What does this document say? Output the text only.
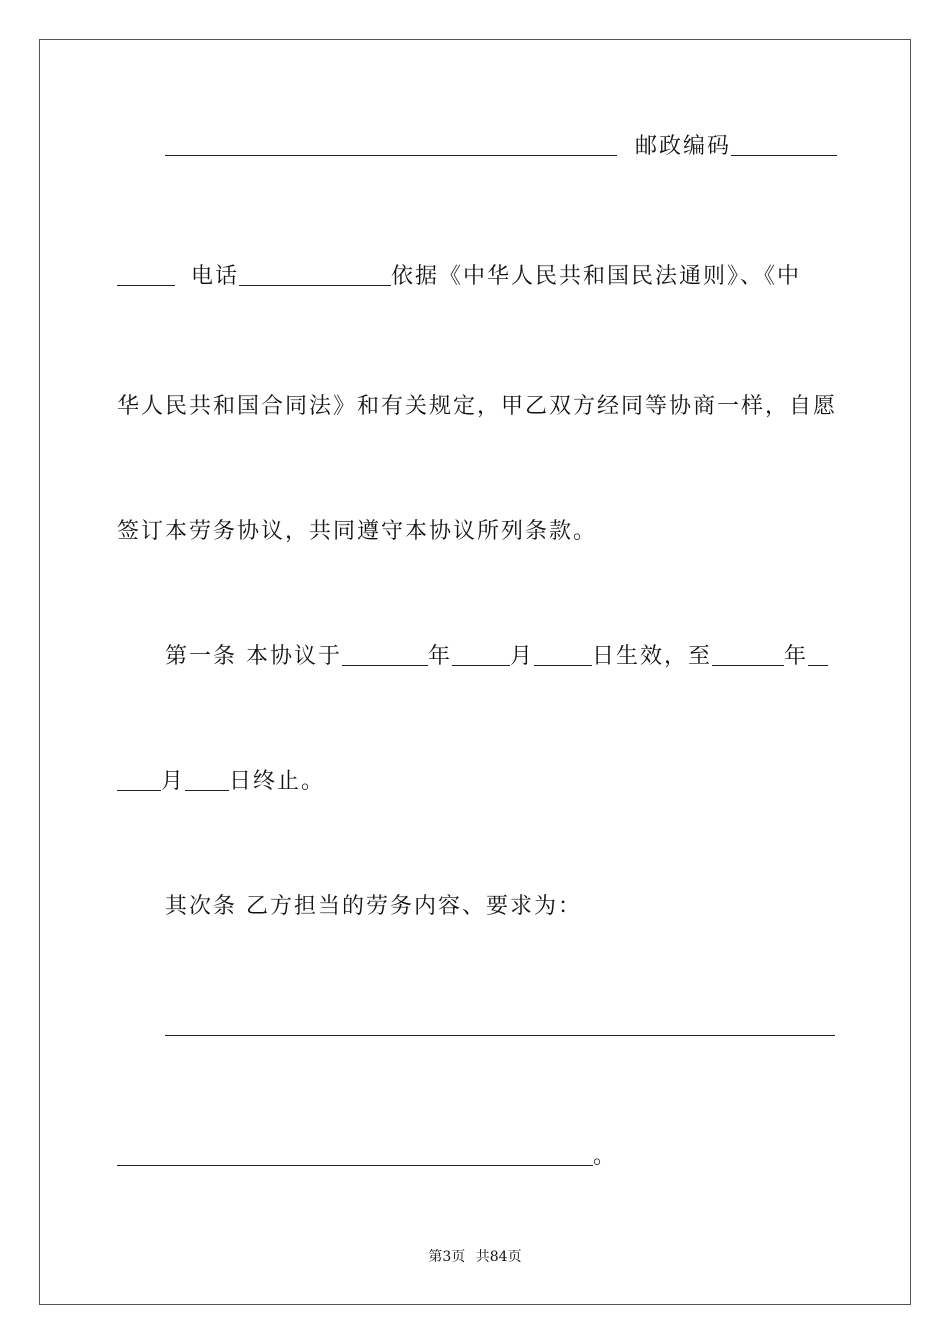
邮政编码
电话	依据《中华人民共和国民法通则》、《中
华人民共和国合同法》和有关规定，甲乙双方经同等协商一样，自愿
签订本劳务协议，共同遵守本协议所列条款。
第一条 本协议于	年	月	日生效，至	年
月 日终止。
其次条 乙方担当的劳务内容、要求为：
。
第3页 共84页
